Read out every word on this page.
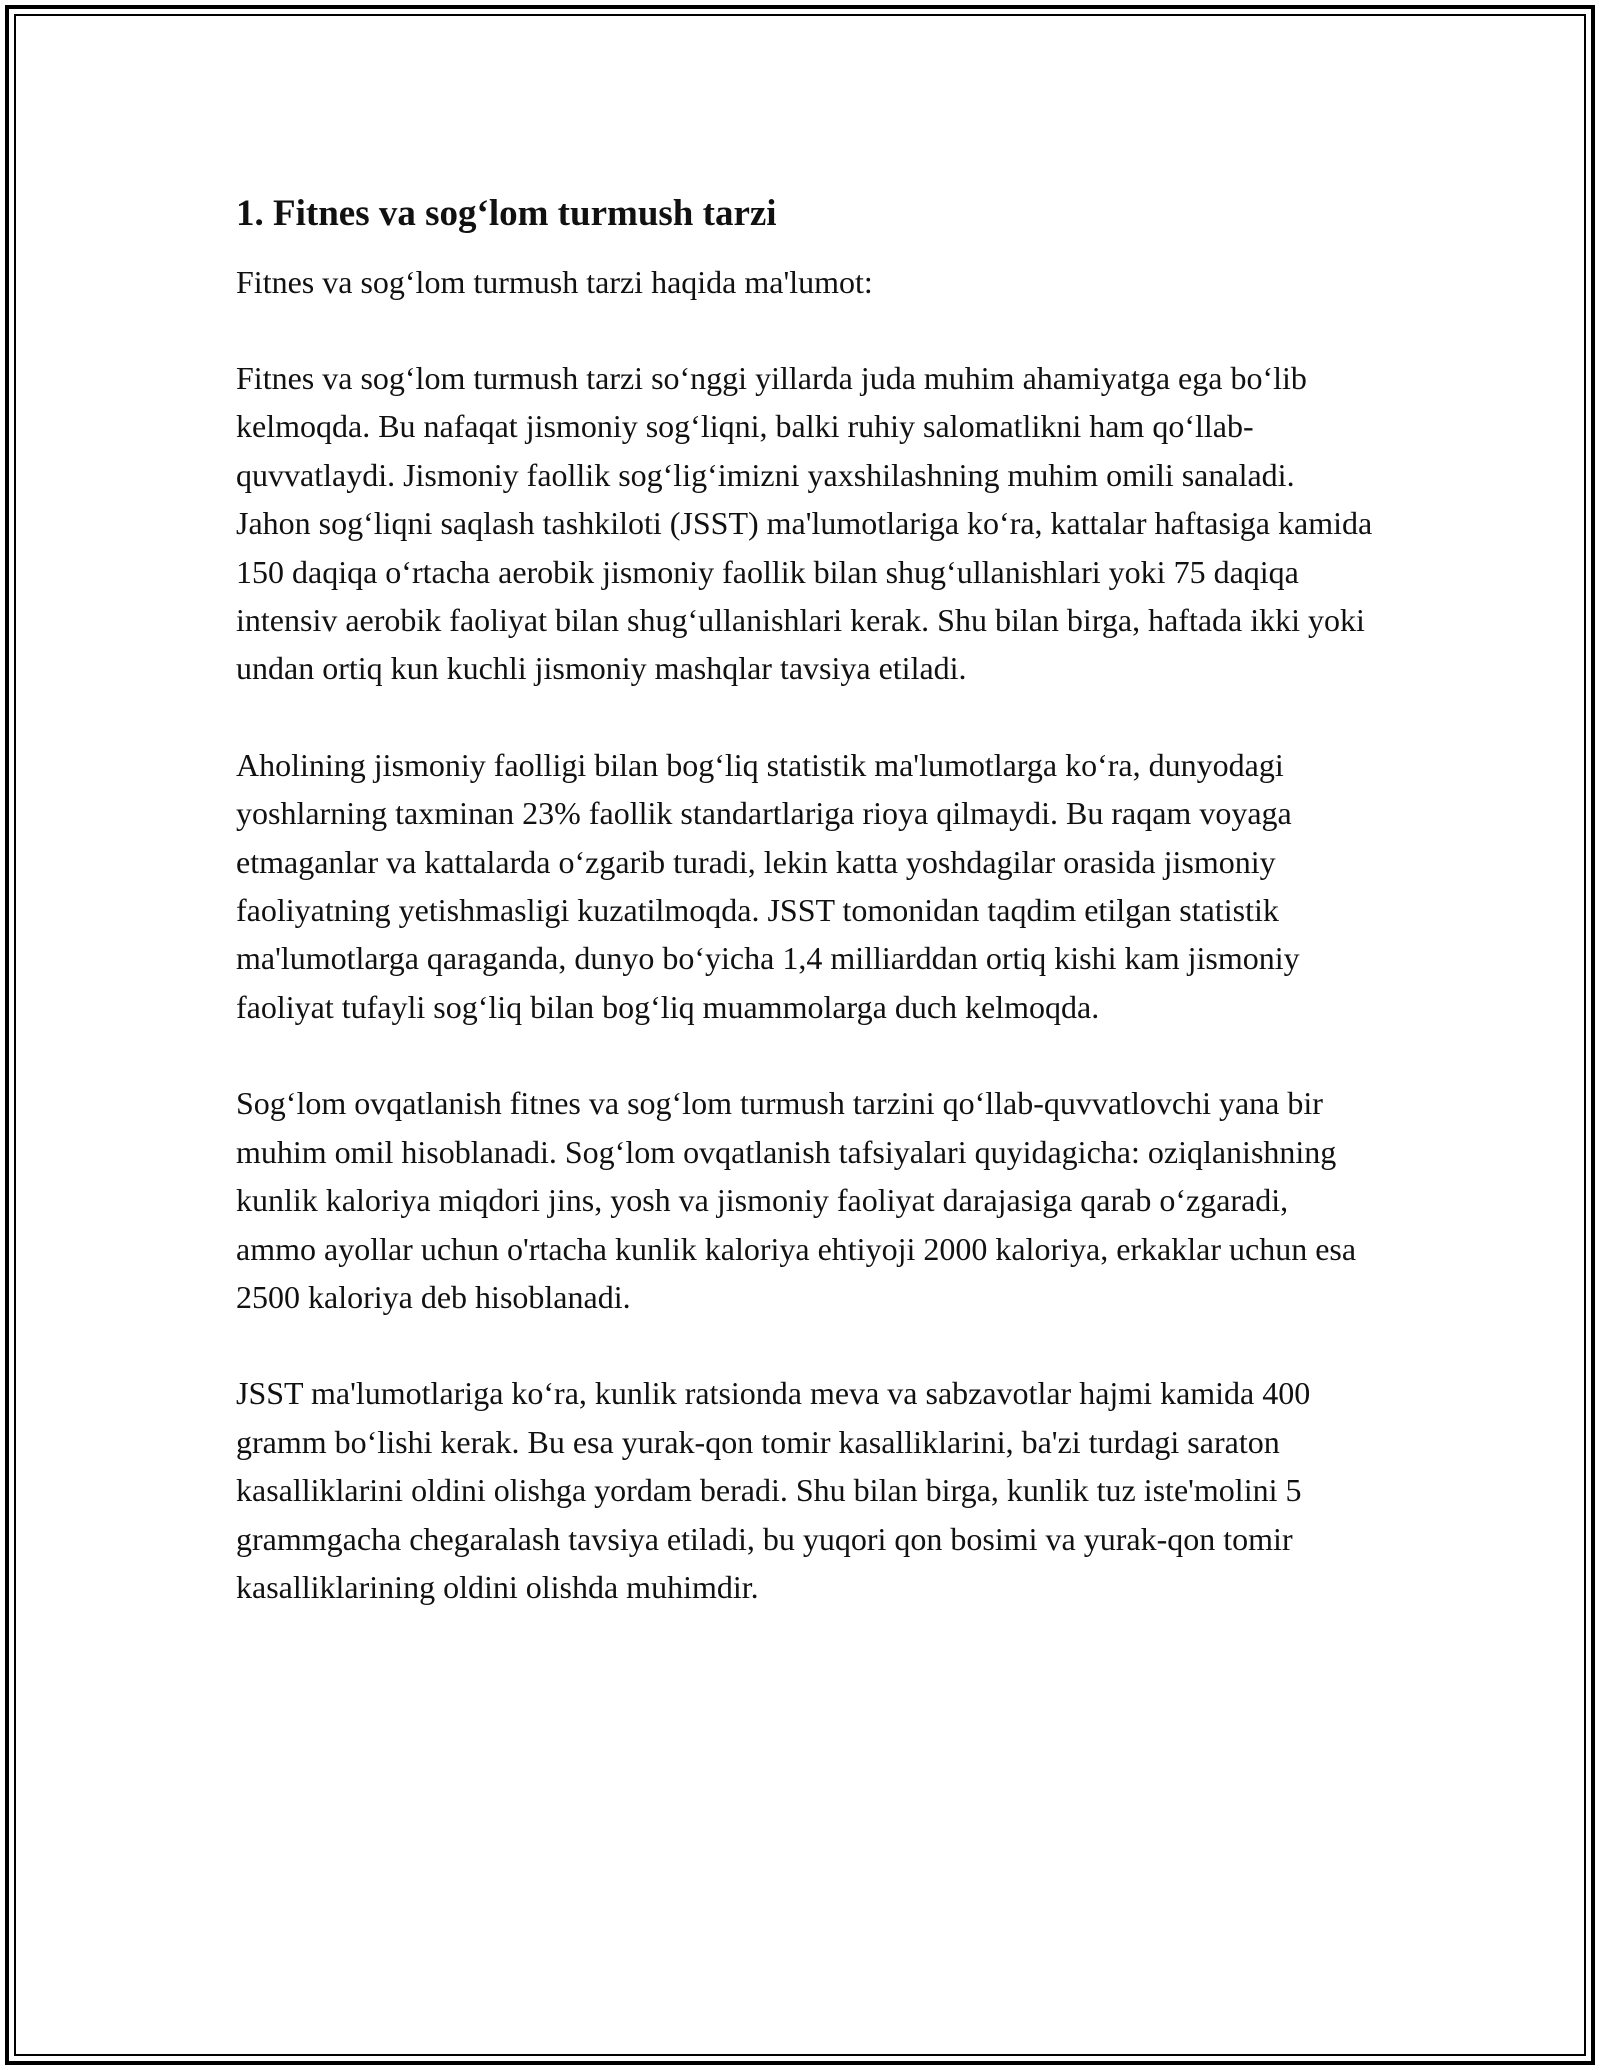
1. Fitnes va sog‘lom turmush tarzi

Fitnes va sog‘lom turmush tarzi haqida ma'lumot:

Fitnes va sog‘lom turmush tarzi so‘nggi yillarda juda muhim ahamiyatga ega bo‘lib kelmoqda. Bu nafaqat jismoniy sog‘liqni, balki ruhiy salomatlikni ham qo‘llab-quvvatlaydi. Jismoniy faollik sog‘lig‘imizni yaxshilashning muhim omili sanaladi. Jahon sog‘liqni saqlash tashkiloti (JSST) ma'lumotlariga ko‘ra, kattalar haftasiga kamida 150 daqiqa o‘rtacha aerobik jismoniy faollik bilan shug‘ullanishlari yoki 75 daqiqa intensiv aerobik faoliyat bilan shug‘ullanishlari kerak. Shu bilan birga, haftada ikki yoki undan ortiq kun kuchli jismoniy mashqlar tavsiya etiladi.

Aholining jismoniy faolligi bilan bog‘liq statistik ma'lumotlarga ko‘ra, dunyodagi yoshlarning taxminan 23% faollik standartlariga rioya qilmaydi. Bu raqam voyaga etmaganlar va kattalarda o‘zgarib turadi, lekin katta yoshdagilar orasida jismoniy faoliyatning yetishmasligi kuzatilmoqda. JSST tomonidan taqdim etilgan statistik ma'lumotlarga qaraganda, dunyo bo‘yicha 1,4 milliarddan ortiq kishi kam jismoniy faoliyat tufayli sog‘liq bilan bog‘liq muammolarga duch kelmoqda.

Sog‘lom ovqatlanish fitnes va sog‘lom turmush tarzini qo‘llab-quvvatlovchi yana bir muhim omil hisoblanadi. Sog‘lom ovqatlanish tafsiyalari quyidagicha: oziqlanishning kunlik kaloriya miqdori jins, yosh va jismoniy faoliyat darajasiga qarab o‘zgaradi, ammo ayollar uchun o'rtacha kunlik kaloriya ehtiyoji 2000 kaloriya, erkaklar uchun esa 2500 kaloriya deb hisoblanadi.

JSST ma'lumotlariga ko‘ra, kunlik ratsionda meva va sabzavotlar hajmi kamida 400 gramm bo‘lishi kerak. Bu esa yurak-qon tomir kasalliklarini, ba'zi turdagi saraton kasalliklarini oldini olishga yordam beradi. Shu bilan birga, kunlik tuz iste'molini 5 grammgacha chegaralash tavsiya etiladi, bu yuqori qon bosimi va yurak-qon tomir kasalliklarining oldini olishda muhimdir.
